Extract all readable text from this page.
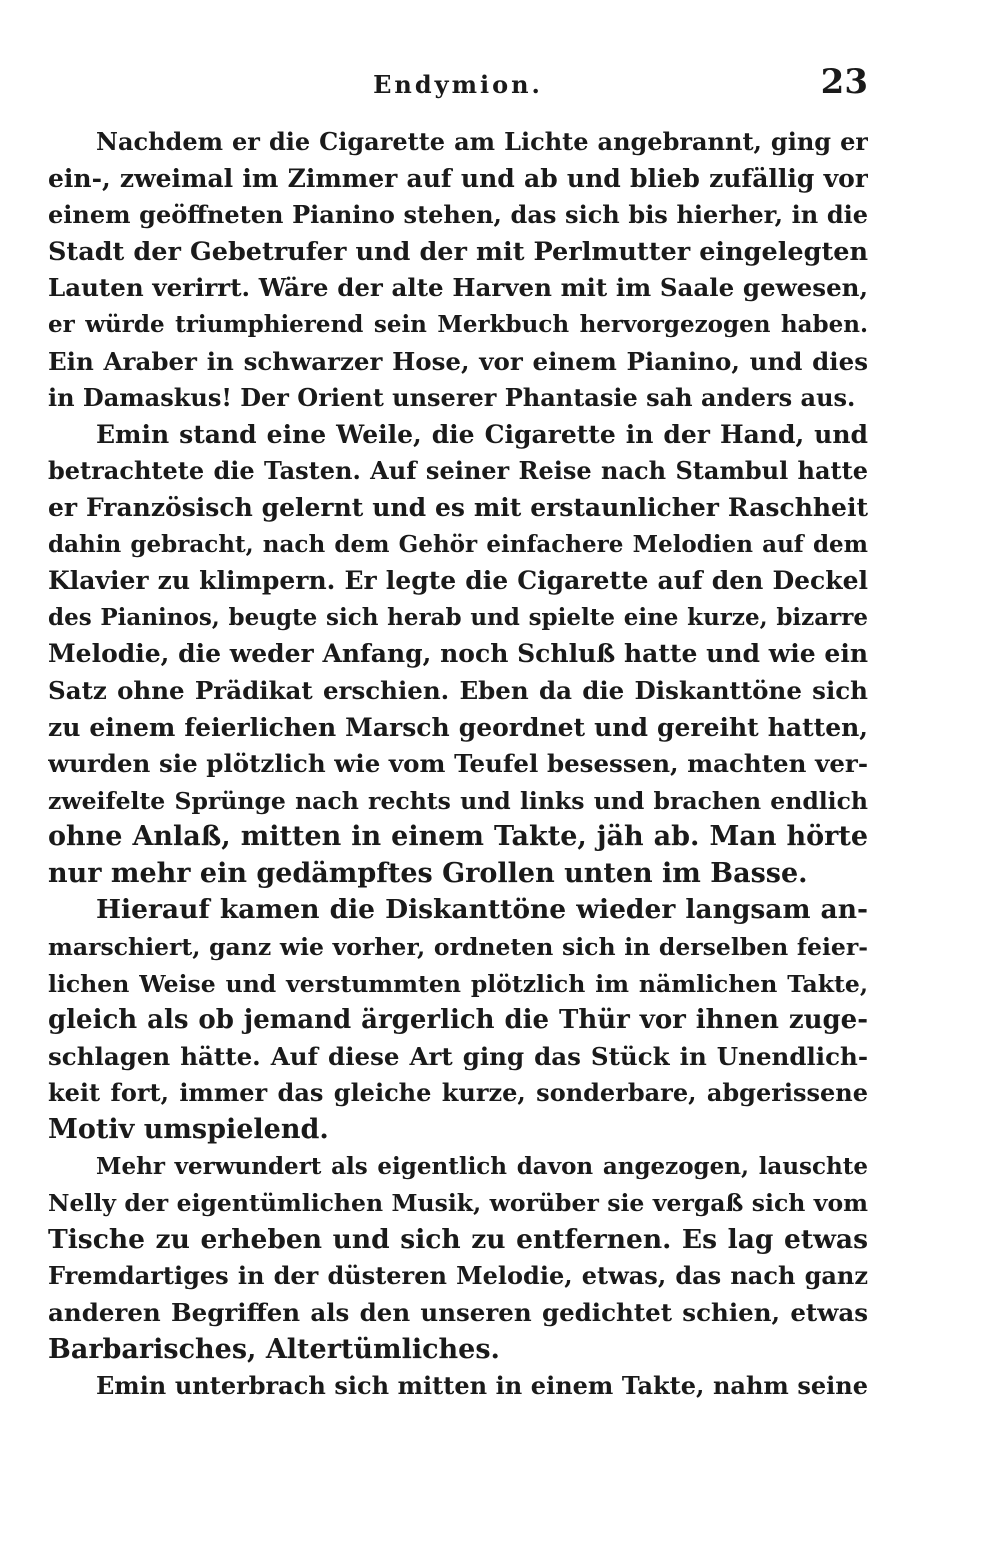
Endymion.	23
Nachdem er die Cigarette am Lichte angebrannt, ging er
ein-, zweimal im Zimmer auf und ab und blieb zufällig vor
einem geöffneten Pianino stehen, das sich bis hierher, in die
Stadt der Gebetrufer und der mit Perlmutter eingelegten
Lauten verirrt. Wäre der alte Harven mit im Saale gewesen,
er würde triumphierend sein Merkbuch hervorgezogen haben.
Ein Araber in schwarzer Hose, vor einem Pianino, und dies
in Damaskus! Der Orient unserer Phantasie sah anders aus.
Emin stand eine Weile, die Cigarette in der Hand, und
betrachtete die Tasten. Auf seiner Reise nach Stambul hatte
er Französisch gelernt und es mit erstaunlicher Raschheit
dahin gebracht, nach dem Gehör einfachere Melodien auf dem
Klavier zu klimpern. Er legte die Cigarette auf den Deckel
des Pianinos, beugte sich herab und spielte eine kurze, bizarre
Melodie, die weder Anfang, noch Schluß hatte und wie ein
Satz ohne Prädikat erschien. Eben da die Diskanttöne sich
zu einem feierlichen Marsch geordnet und gereiht hatten,
wurden sie plötzlich wie vom Teufel besessen, machten ver-
zweifelte Sprünge nach rechts und links und brachen endlich
ohne Anlaß, mitten in einem Takte, jäh ab. Man hörte
nur mehr ein gedämpftes Grollen unten im Basse.
Hierauf kamen die Diskanttöne wieder langsam an-
marschiert, ganz wie vorher, ordneten sich in derselben feier-
lichen Weise und verstummten plötzlich im nämlichen Takte,
gleich als ob jemand ärgerlich die Thür vor ihnen zuge-
schlagen hätte. Auf diese Art ging das Stück in Unendlich-
keit fort, immer das gleiche kurze, sonderbare, abgerissene
Motiv umspielend.
Mehr verwundert als eigentlich davon angezogen, lauschte
Nelly der eigentümlichen Musik, worüber sie vergaß sich vom
Tische zu erheben und sich zu entfernen. Es lag etwas
Fremdartiges in der düsteren Melodie, etwas, das nach ganz
anderen Begriffen als den unseren gedichtet schien, etwas
Barbarisches, Altertümliches.
Emin unterbrach sich mitten in einem Takte, nahm seine
